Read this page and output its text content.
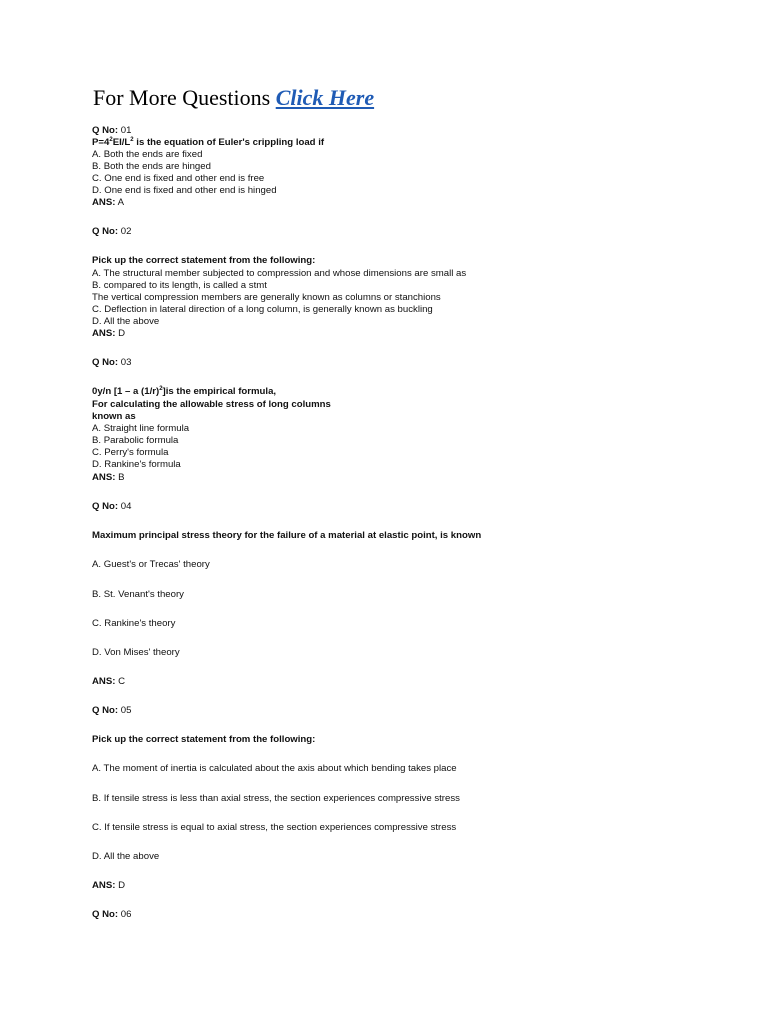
For More Questions Click Here
Q No: 01
$P=4^2EI/L^2$ is the equation of Euler's crippling load if
A. Both the ends are fixed
B. Both the ends are hinged
C. One end is fixed and other end is free
D. One end is fixed and other end is hinged
ANS: A
Q No: 02
Pick up the correct statement from the following:
A. The structural member subjected to compression and whose dimensions are small as
B. compared to its length, is called a stmt
The vertical compression members are generally known as columns or stanchions
C. Deflection in lateral direction of a long column, is generally known as buckling
D. All the above
ANS: D
Q No: 03
0y/n [1 – a $(1/r)^2]is$ the empirical formula,
For calculating the allowable stress of long columns
known as
A. Straight line formula
B. Parabolic formula
C. Perry's formula
D. Rankine's formula
ANS: B
Q No: 04
Maximum principal stress theory for the failure of a material at elastic point, is known
A. Guest's or Trecas' theory
B. St. Venant's theory
C. Rankine's theory
D. Von Mises' theory
ANS: C
Q No: 05
Pick up the correct statement from the following:
A. The moment of inertia is calculated about the axis about which bending takes place
B. If tensile stress is less than axial stress, the section experiences compressive stress
C. If tensile stress is equal to axial stress, the section experiences compressive stress
D. All the above
ANS: D
Q No: 06
